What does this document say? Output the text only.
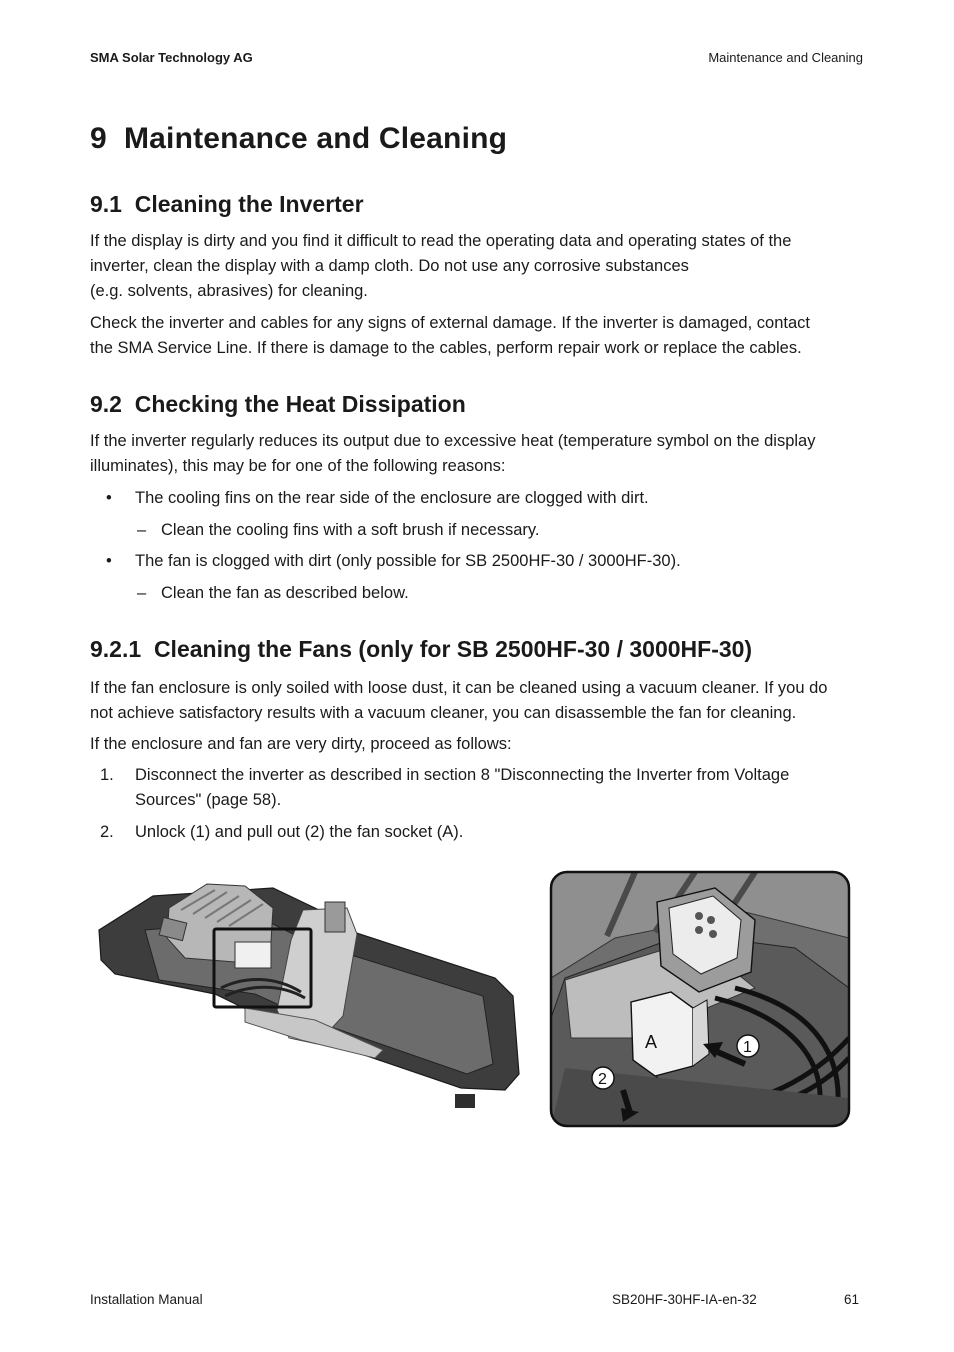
SMA Solar Technology AG	Maintenance and Cleaning
9 Maintenance and Cleaning
9.1 Cleaning the Inverter
If the display is dirty and you find it difficult to read the operating data and operating states of the
inverter, clean the display with a damp cloth. Do not use any corrosive substances
(e.g. solvents, abrasives) for cleaning.
Check the inverter and cables for any signs of external damage. If the inverter is damaged, contact
the SMA Service Line. If there is damage to the cables, perform repair work or replace the cables.
9.2 Checking the Heat Dissipation
If the inverter regularly reduces its output due to excessive heat (temperature symbol on the display
illuminates), this may be for one of the following reasons:
• The cooling fins on the rear side of the enclosure are clogged with dirt.
– Clean the cooling fins with a soft brush if necessary.
• The fan is clogged with dirt (only possible for SB 2500HF-30 / 3000HF-30).
– Clean the fan as described below.
9.2.1 Cleaning the Fans (only for SB 2500HF-30 / 3000HF-30)
If the fan enclosure is only soiled with loose dust, it can be cleaned using a vacuum cleaner. If you do
not achieve satisfactory results with a vacuum cleaner, you can disassemble the fan for cleaning.
If the enclosure and fan are very dirty, proceed as follows:
1. Disconnect the inverter as described in section 8 "Disconnecting the Inverter from Voltage
Sources" (page 58).
2. Unlock (1) and pull out (2) the fan socket (A).
A	1
2
Installation Manual	SB20HF-30HF-IA-en-32	61
